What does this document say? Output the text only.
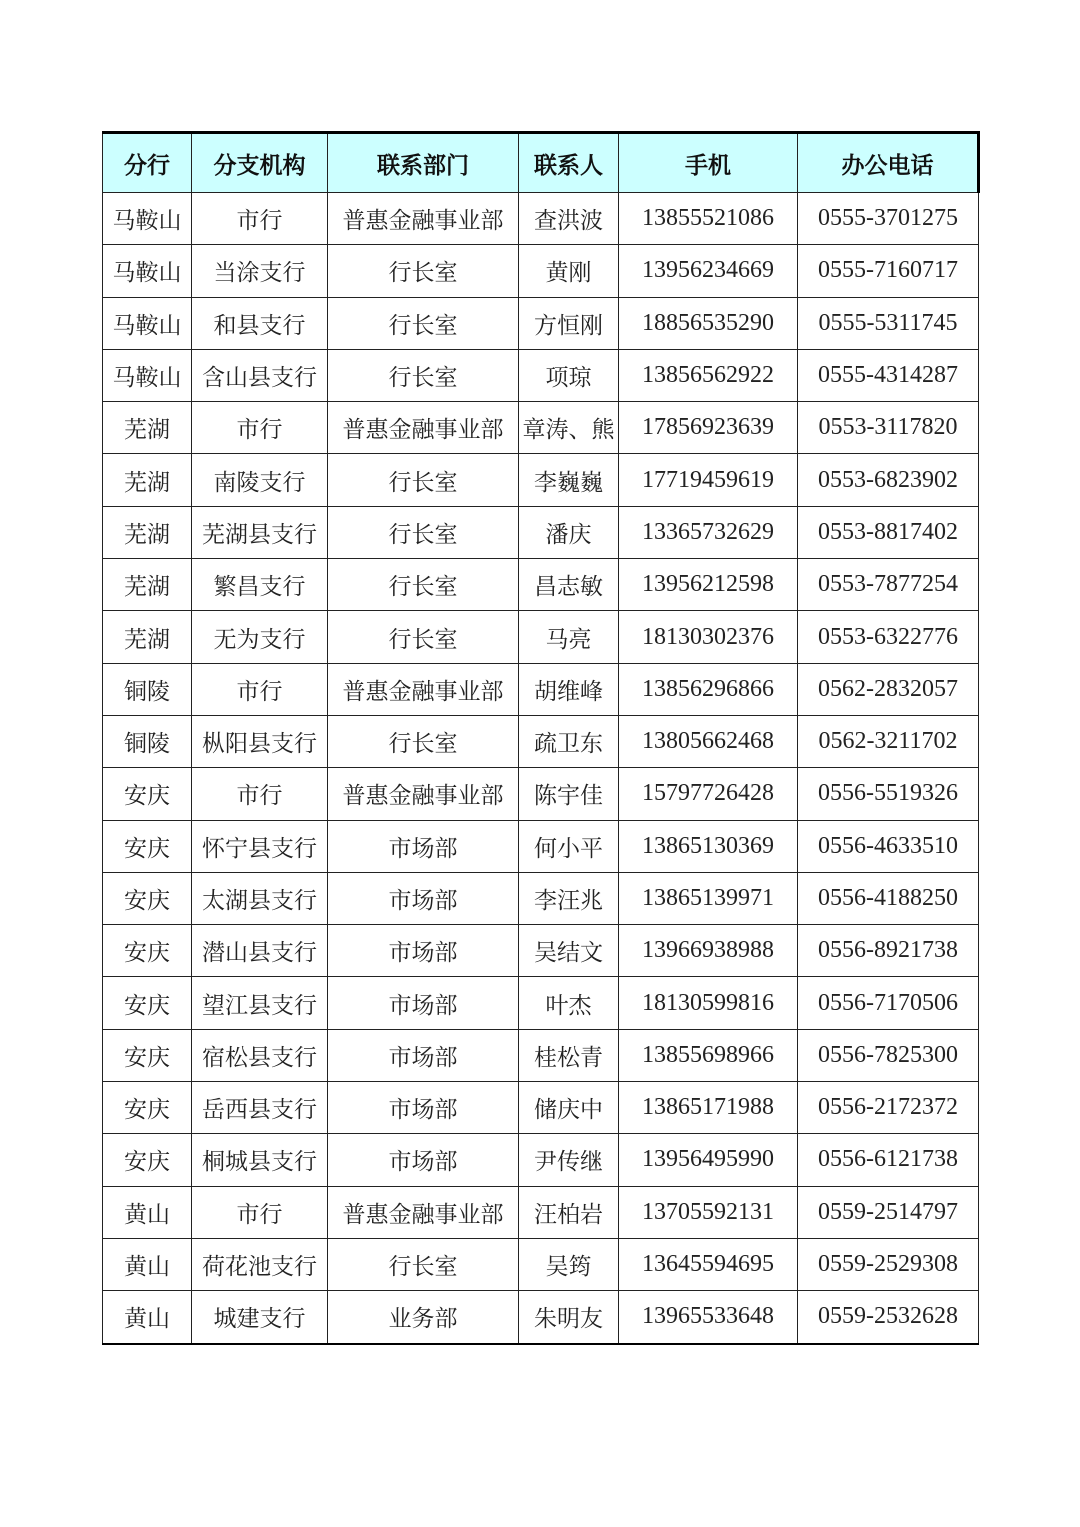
分行	分支机构	联系部门	联系人	手机	办公电话
马鞍山	市行	普惠金融事业部	查洪波	13855521086	0555-3701275
马鞍山	当涂支行	行长室	黄刚	13956234669	0555-7160717
马鞍山	和县支行	行长室	方恒刚	18856535290	0555-5311745
马鞍山	含山县支行	行长室	项琼	13856562922	0555-4314287
芜湖	市行	普惠金融事业部	章涛、熊	17856923639	0553-3117820
芜湖	南陵支行	行长室	李巍巍	17719459619	0553-6823902
芜湖	芜湖县支行	行长室	潘庆	13365732629	0553-8817402
芜湖	繁昌支行	行长室	昌志敏	13956212598	0553-7877254
芜湖	无为支行	行长室	马亮	18130302376	0553-6322776
铜陵	市行	普惠金融事业部	胡维峰	13856296866	0562-2832057
铜陵	枞阳县支行	行长室	疏卫东	13805662468	0562-3211702
安庆	市行	普惠金融事业部	陈宇佳	15797726428	0556-5519326
安庆	怀宁县支行	市场部	何小平	13865130369	0556-4633510
安庆	太湖县支行	市场部	李汪兆	13865139971	0556-4188250
安庆	潜山县支行	市场部	吴结文	13966938988	0556-8921738
安庆	望江县支行	市场部	叶杰	18130599816	0556-7170506
安庆	宿松县支行	市场部	桂松青	13855698966	0556-7825300
安庆	岳西县支行	市场部	储庆中	13865171988	0556-2172372
安庆	桐城县支行	市场部	尹传继	13956495990	0556-6121738
黄山	市行	普惠金融事业部	汪柏岩	13705592131	0559-2514797
黄山	荷花池支行	行长室	吴筠	13645594695	0559-2529308
黄山	城建支行	业务部	朱明友	13965533648	0559-2532628
